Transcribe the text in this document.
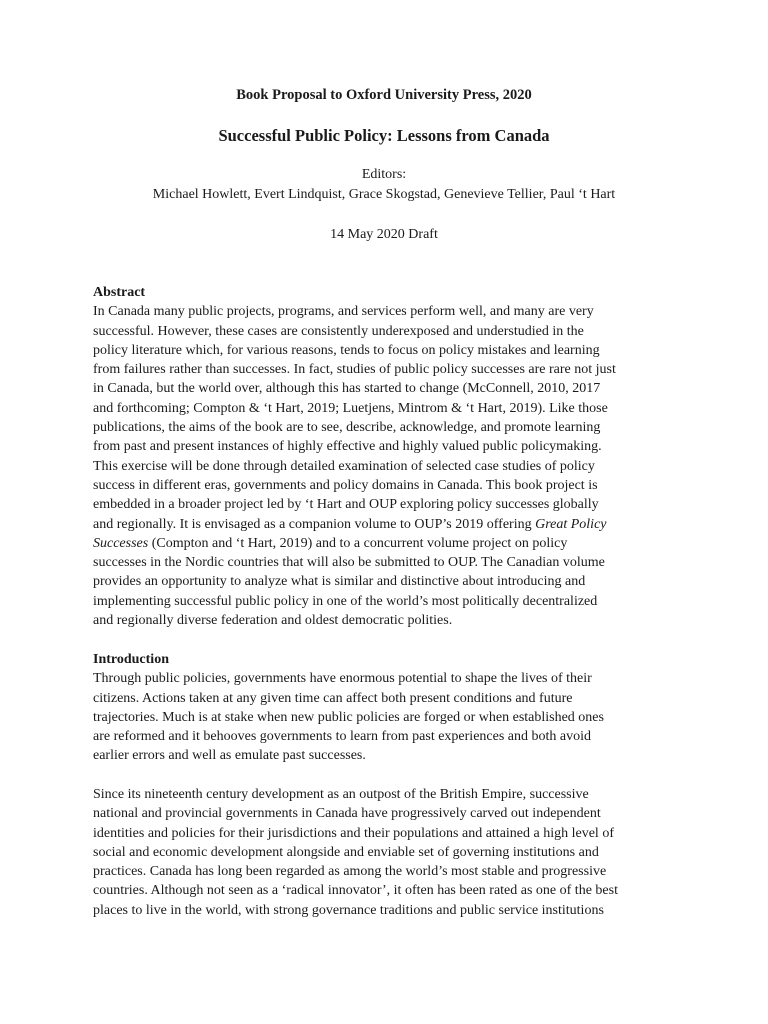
Book Proposal to Oxford University Press, 2020
Successful Public Policy: Lessons from Canada
Editors:
Michael Howlett, Evert Lindquist, Grace Skogstad, Genevieve Tellier, Paul ‘t Hart
14 May 2020 Draft
Abstract
In Canada many public projects, programs, and services perform well, and many are very
successful. However, these cases are consistently underexposed and understudied in the
policy literature which, for various reasons, tends to focus on policy mistakes and learning
from failures rather than successes. In fact, studies of public policy successes are rare not just
in Canada, but the world over, although this has started to change (McConnell, 2010, 2017
and forthcoming; Compton & ‘t Hart, 2019; Luetjens, Mintrom & ‘t Hart, 2019). Like those
publications, the aims of the book are to see, describe, acknowledge, and promote learning
from past and present instances of highly effective and highly valued public policymaking.
This exercise will be done through detailed examination of selected case studies of policy
success in different eras, governments and policy domains in Canada. This book project is
embedded in a broader project led by ‘t Hart and OUP exploring policy successes globally
and regionally. It is envisaged as a companion volume to OUP’s 2019 offering Great Policy
Successes (Compton and ‘t Hart, 2019) and to a concurrent volume project on policy
successes in the Nordic countries that will also be submitted to OUP. The Canadian volume
provides an opportunity to analyze what is similar and distinctive about introducing and
implementing successful public policy in one of the world’s most politically decentralized
and regionally diverse federation and oldest democratic polities.
Introduction
Through public policies, governments have enormous potential to shape the lives of their
citizens. Actions taken at any given time can affect both present conditions and future
trajectories. Much is at stake when new public policies are forged or when established ones
are reformed and it behooves governments to learn from past experiences and both avoid
earlier errors and well as emulate past successes.
Since its nineteenth century development as an outpost of the British Empire, successive
national and provincial governments in Canada have progressively carved out independent
identities and policies for their jurisdictions and their populations and attained a high level of
social and economic development alongside and enviable set of governing institutions and
practices. Canada has long been regarded as among the world’s most stable and progressive
countries. Although not seen as a ‘radical innovator’, it often has been rated as one of the best
places to live in the world, with strong governance traditions and public service institutions
